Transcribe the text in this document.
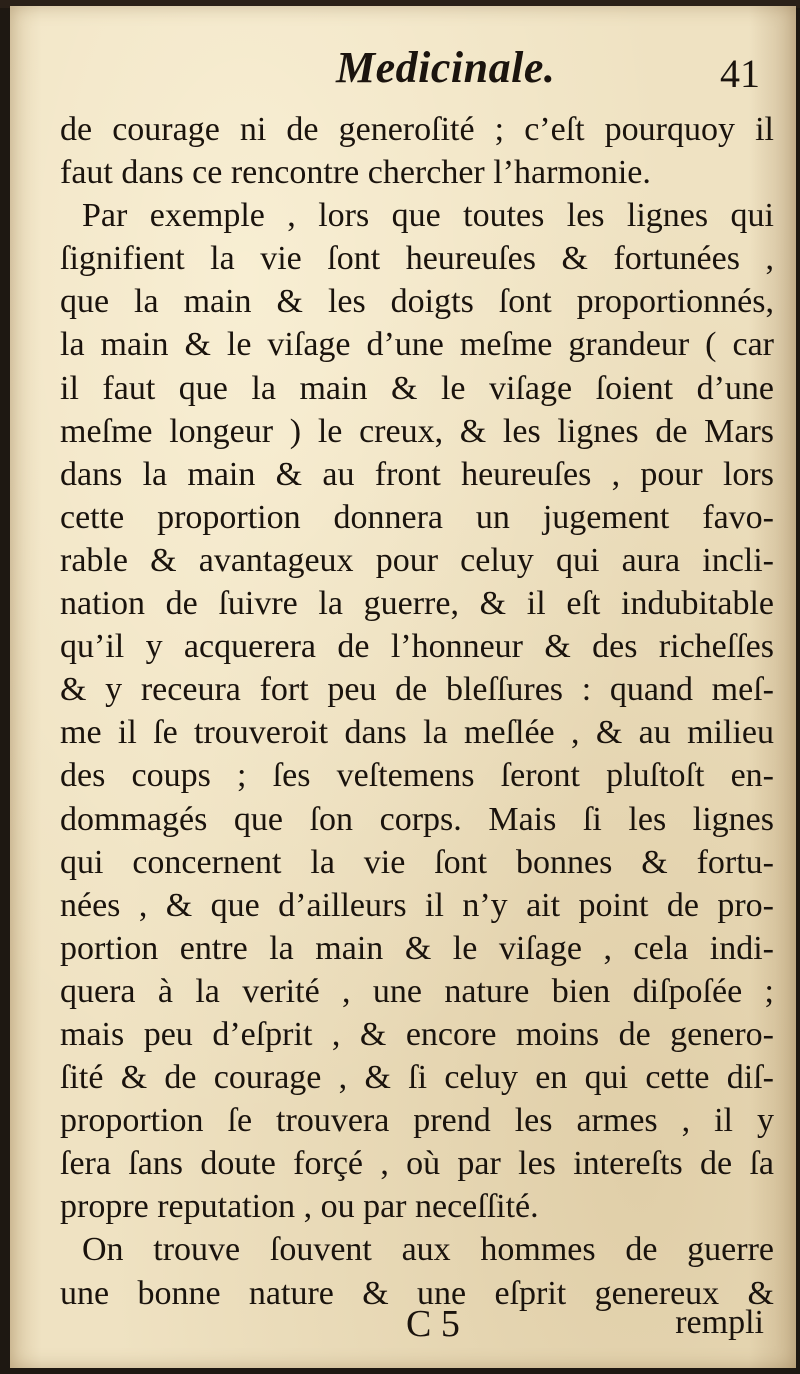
Medicinale.	41
de courage ni de generoſité ; c’eſt pourquoy il
faut dans ce rencontre chercher l’harmonie.
Par exemple , lors que toutes les lignes qui
ſignifient la vie ſont heureuſes & fortunées ,
que la main & les doigts ſont proportionnés,
la main & le viſage d’une meſme grandeur ( car
il faut que la main & le viſage ſoient d’une
meſme longeur ) le creux, & les lignes de Mars
dans la main & au front heureuſes , pour lors
cette proportion donnera un jugement favo-
rable & avantageux pour celuy qui aura incli-
nation de ſuivre la guerre, & il eſt indubitable
qu’il y acquerera de l’honneur & des richeſſes
& y receura fort peu de bleſſures : quand meſ-
me il ſe trouveroit dans la meſlée , & au milieu
des coups ; ſes veſtemens ſeront pluſtoſt en-
dommagés que ſon corps. Mais ſi les lignes
qui concernent la vie ſont bonnes & fortu-
nées , & que d’ailleurs il n’y ait point de pro-
portion entre la main & le viſage , cela indi-
quera à la verité , une nature bien diſpoſée ;
mais peu d’eſprit , & encore moins de genero-
ſité & de courage , & ſi celuy en qui cette diſ-
proportion ſe trouvera prend les armes , il y
ſera ſans doute forçé , où par les intereſts de ſa
propre reputation , ou par neceſſité.
On trouve ſouvent aux hommes de guerre
une bonne nature & une eſprit genereux &
C 5	rempli
